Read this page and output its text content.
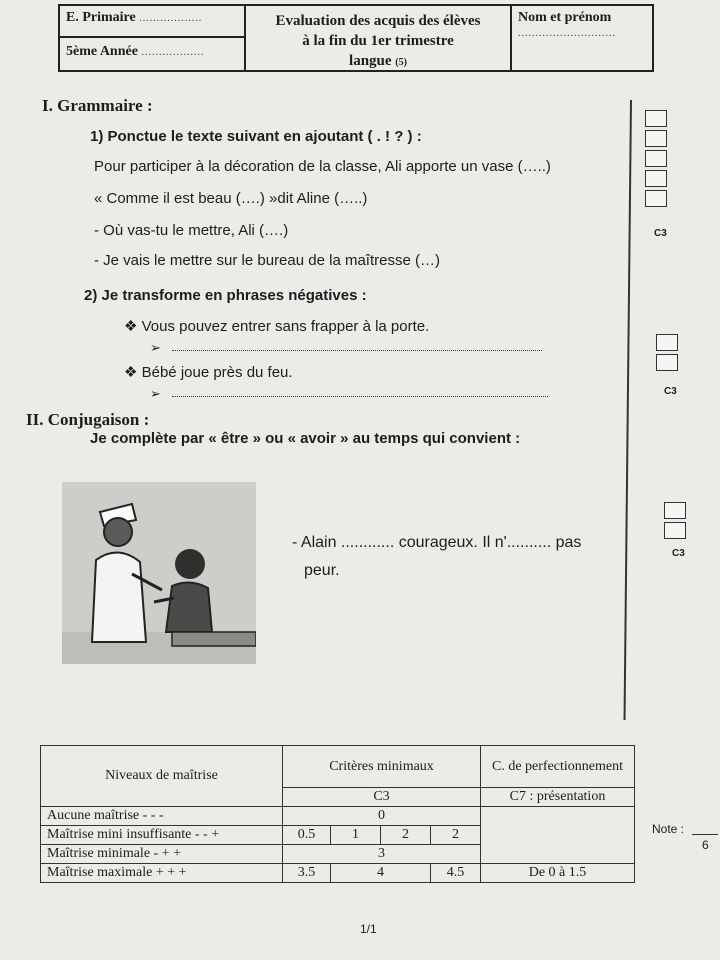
E. Primaire ..................
5ème Année ..................
Evaluation des acquis des élèves
à la fin du 1er trimestre
langue (5)
Nom et prénom
............................
I. Grammaire :
1) Ponctue le texte suivant en ajoutant ( . ! ? ) :
Pour participer à la décoration de la classe, Ali apporte un vase (…..)
« Comme il est beau (….) »dit Aline (…..)
- Où vas-tu le mettre, Ali (….)
- Je vais le mettre sur le bureau de la maîtresse (…)
2) Je transforme en phrases négatives :
❖ Vous pouvez entrer sans frapper à la porte.
➢
❖ Bébé joue près du feu.
➢
C3
C3
C3
II. Conjugaison :
Je complète par « être » ou « avoir » au temps qui convient :
- Alain ............ courageux. Il n'.......... pas
peur.
Niveaux de maîtrise	Critères minimaux				C. de perfectionnement
	C3				C7 : présentation
Aucune maîtrise - - -	0				
Maîtrise mini insuffisante - - +	0.5	1	2	2	
Maîtrise minimale - + +	3				
Maîtrise maximale + + +	3.5	4		4.5	De 0 à 1.5
Note :
6
1/1
